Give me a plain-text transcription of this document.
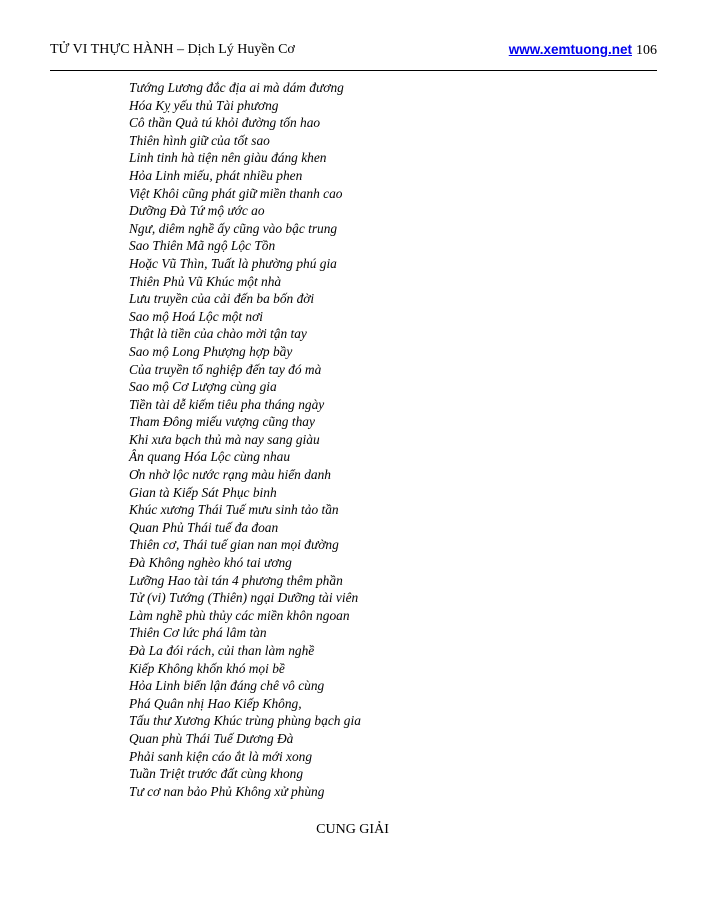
TỬ VI THỰC HÀNH – Dịch Lý Huyền Cơ	www.xemtuong.net 106
Tướng Lương đắc địa ai mà dám đương
Hóa Kỵ yếu thủ Tài phương
Cô thần Quả tú khỏi đường tốn hao
Thiên hình giữ của tốt sao
Linh tinh hà tiện nên giàu đáng khen
Hỏa Linh miếu, phát nhiều phen
Việt Khôi cũng phát giữ miền thanh cao
Dưỡng Đà Tứ mộ ước ao
Ngư, diêm nghề ấy cũng vào bậc trung
Sao Thiên Mã ngộ Lộc Tồn
Hoặc Vũ Thìn, Tuất là phường phú gia
Thiên Phủ Vũ Khúc một nhà
Lưu truyền của cải đến ba bốn đời
Sao mộ Hoá Lộc một nơi
Thật là tiền của chào mời tận tay
Sao mộ Long Phượng hợp bầy
Của truyền tổ nghiệp đến tay đó mà
Sao mộ Cơ Lượng cùng gia
Tiền tài dễ kiếm tiêu pha tháng ngày
Tham Đông miếu vượng cũng thay
Khi xưa bạch thủ mà nay sang giàu
Ân quang Hóa Lộc cùng nhau
Ơn nhờ lộc nước rạng màu hiển danh
Gian tà Kiếp Sát Phục binh
Khúc xương Thái Tuế mưu sinh tảo tần
Quan Phủ Thái tuế đa đoan
Thiên cơ, Thái tuế gian nan mọi đường
Đà Không nghèo khó tai ương
Lưỡng Hao tài tán 4 phương thêm phần
Tử (vi) Tướng (Thiên) ngại Dưỡng tài viên
Làm nghề phù thủy các miền khôn ngoan
Thiên Cơ lức phá lâm tàn
Đà La đói rách, củi than làm nghề
Kiếp Không khốn khó mọi bề
Hỏa Linh biển lận đáng chê vô cùng
Phá Quân nhị Hao Kiếp Không,
Tấu thư Xương Khúc trùng phùng bạch gia
Quan phù Thái Tuế Dương Đà
Phải sanh kiện cáo ắt là mới xong
Tuần Triệt trước đất cùng khong
Tư cơ nan bảo Phủ Không xử phùng
CUNG GIẢI
